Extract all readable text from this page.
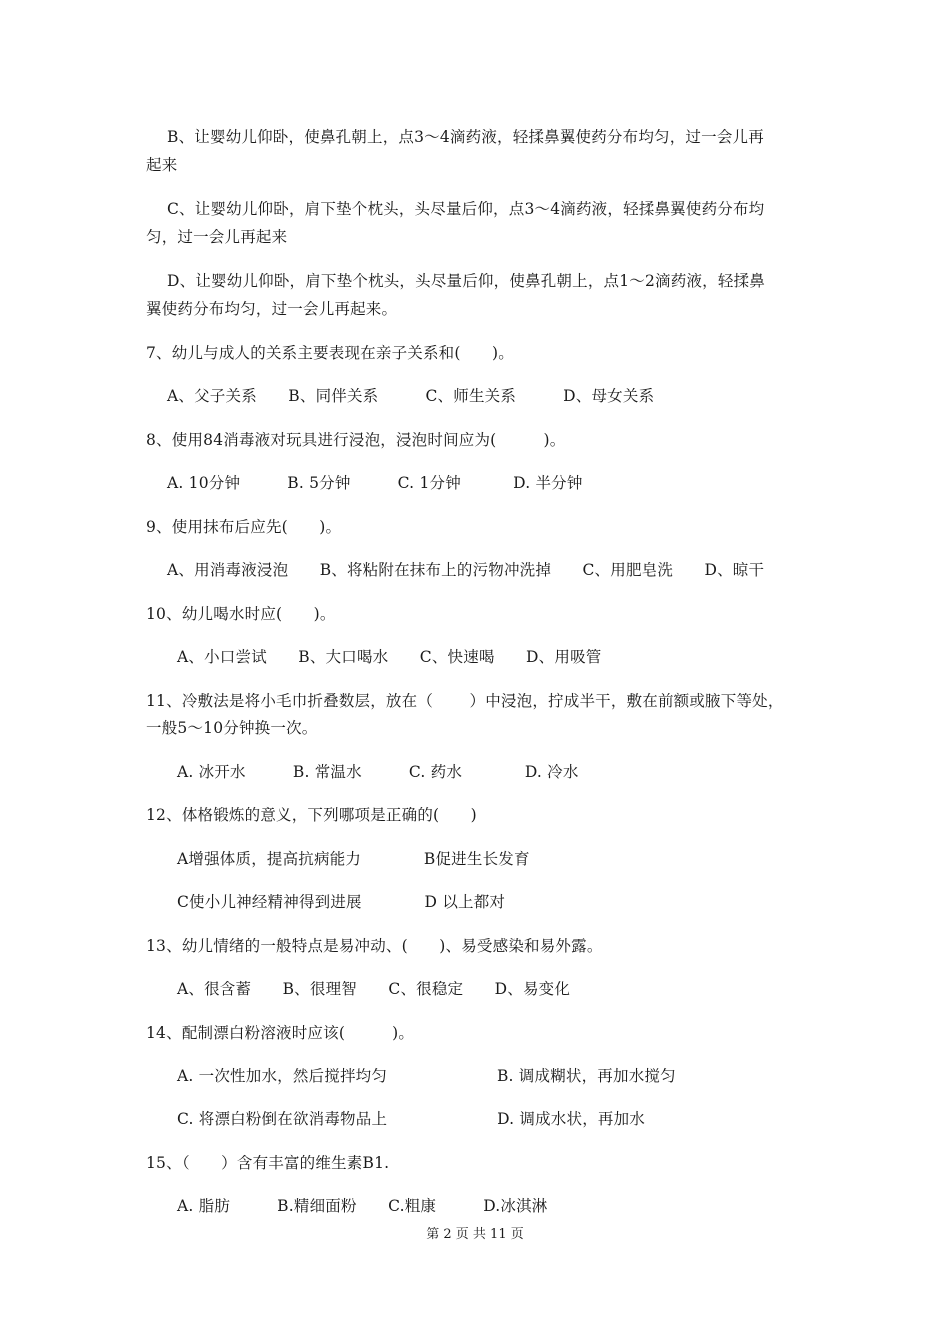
B、让婴幼儿仰卧，使鼻孔朝上，点3～4滴药液，轻揉鼻翼使药分布均匀，过一会儿再
起来
C、让婴幼儿仰卧，肩下垫个枕头，头尽量后仰，点3～4滴药液，轻揉鼻翼使药分布均
匀，过一会儿再起来
D、让婴幼儿仰卧，肩下垫个枕头，头尽量后仰，使鼻孔朝上，点1～2滴药液，轻揉鼻
翼使药分布均匀，过一会儿再起来。
7、幼儿与成人的关系主要表现在亲子关系和(　　)。
A、父子关系　　B、同伴关系　　　C、师生关系　　　D、母女关系
8、使用84消毒液对玩具进行浸泡，浸泡时间应为(　　　)。
A. 10分钟　　　B. 5分钟　　　C. 1分钟　　　 D. 半分钟
9、使用抹布后应先(　　)。
A、用消毒液浸泡　　B、将粘附在抹布上的污物冲洗掉　　C、用肥皂洗　　D、晾干
10、幼儿喝水时应(　　)。
A、小口尝试　　B、大口喝水　　C、快速喝　　D、用吸管
11、冷敷法是将小毛巾折叠数层，放在（　　 ）中浸泡，拧成半干，敷在前额或腋下等处，
一般5～10分钟换一次。
A. 冰开水　　　B. 常温水　　　C. 药水　　　　D. 冷水
12、体格锻炼的意义，下列哪项是正确的(　　)
A增强体质，提高抗病能力　　　　B促进生长发育
C使小儿神经精神得到进展　　　　D 以上都对
13、幼儿情绪的一般特点是易冲动、(　　)、易受感染和易外露。
A、很含蓄　　B、很理智　　C、很稳定　　D、易变化
14、配制漂白粉溶液时应该(　　　)。
A. 一次性加水，然后搅拌均匀　　　　　　　B. 调成糊状，再加水搅匀
C. 将漂白粉倒在欲消毒物品上　　　　　　　D. 调成水状，再加水
15、（　　）含有丰富的维生素B1.
A. 脂肪　　　B.精细面粉　　C.粗康　　　D.冰淇淋
第 2 页 共 11 页
